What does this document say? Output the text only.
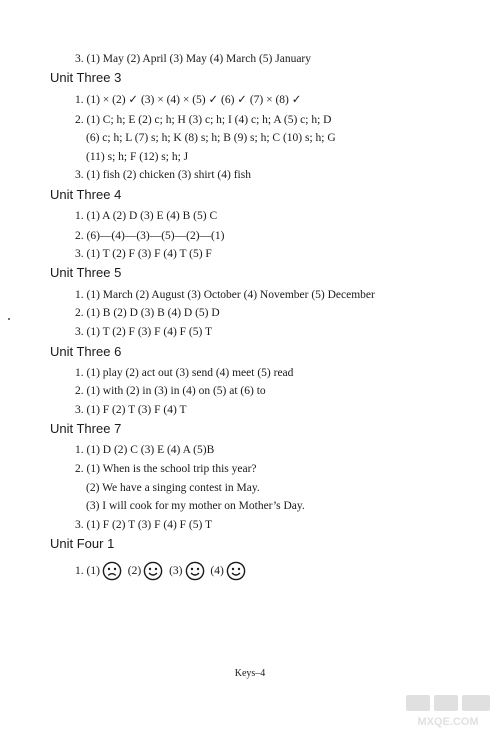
3. (1) May (2) April (3) May (4) March (5) January
Unit Three 3
1. (1) × (2) ✓ (3) × (4) × (5) ✓ (6) ✓ (7) × (8) ✓
2. (1) C; h; E (2) c; h; H (3) c; h; I (4) c; h; A (5) c; h; D
(6) c; h; L (7) s; h; K (8) s; h; B (9) s; h; C (10) s; h; G
(11) s; h; F (12) s; h; J
3. (1) fish (2) chicken (3) shirt (4) fish
Unit Three 4
1. (1) A (2) D (3) E (4) B (5) C
2. (6)—(4)—(3)—(5)—(2)—(1)
3. (1) T (2) F (3) F (4) T (5) F
Unit Three 5
1. (1) March (2) August (3) October (4) November (5) December
2. (1) B (2) D (3) B (4) D (5) D
3. (1) T (2) F (3) F (4) F (5) T
Unit Three 6
1. (1) play (2) act out (3) send (4) meet (5) read
2. (1) with (2) in (3) in (4) on (5) at (6) to
3. (1) F (2) T (3) F (4) T
Unit Three 7
1. (1) D (2) C (3) E (4) A (5)B
2. (1) When is the school trip this year?
(2) We have a singing contest in May.
(3) I will cook for my mother on Mother’s Day.
3. (1) F (2) T (3) F (4) F (5) T
Unit Four 1
1. (1) (2) (3) (4)
Keys–4
MXQE.COM
